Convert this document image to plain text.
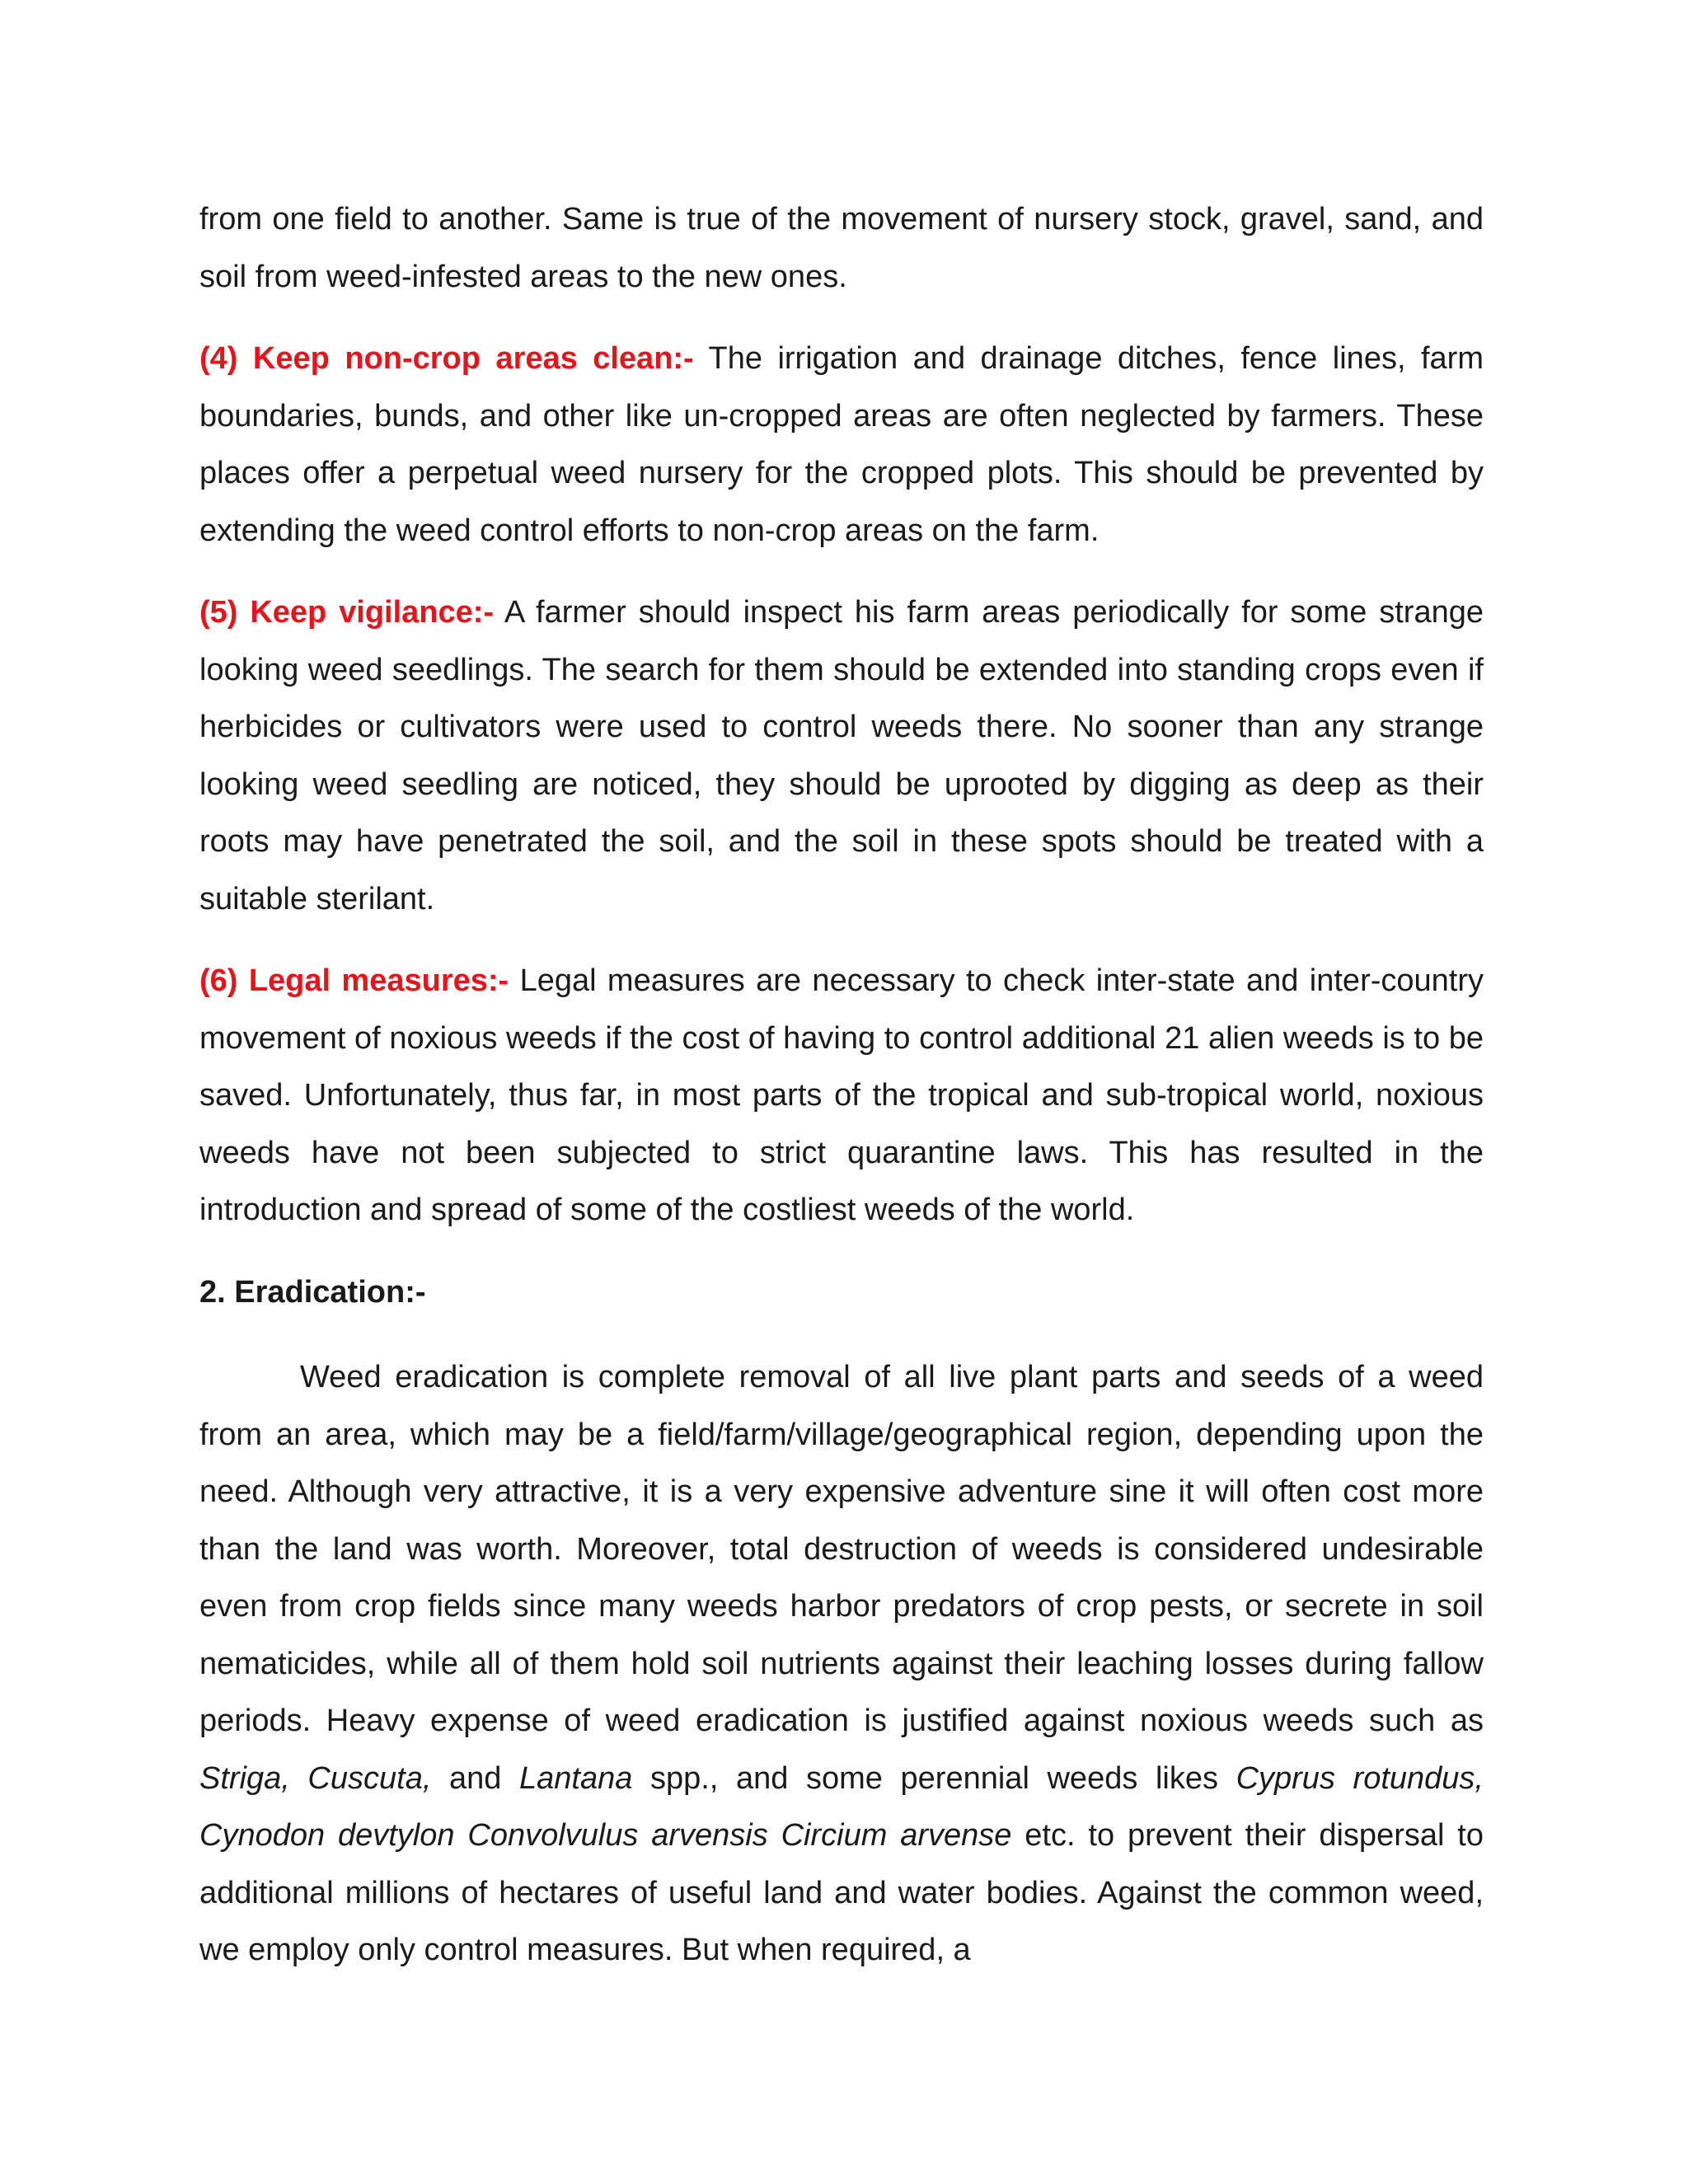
from one field to another. Same is true of the movement of nursery stock, gravel, sand, and soil from weed-infested areas to the new ones.

(4) Keep non-crop areas clean:- The irrigation and drainage ditches, fence lines, farm boundaries, bunds, and other like un-cropped areas are often neglected by farmers. These places offer a perpetual weed nursery for the cropped plots. This should be prevented by extending the weed control efforts to non-crop areas on the farm.

(5) Keep vigilance:- A farmer should inspect his farm areas periodically for some strange looking weed seedlings. The search for them should be extended into standing crops even if herbicides or cultivators were used to control weeds there. No sooner than any strange looking weed seedling are noticed, they should be uprooted by digging as deep as their roots may have penetrated the soil, and the soil in these spots should be treated with a suitable sterilant.

(6) Legal measures:- Legal measures are necessary to check inter-state and inter-country movement of noxious weeds if the cost of having to control additional 21 alien weeds is to be saved. Unfortunately, thus far, in most parts of the tropical and sub-tropical world, noxious weeds have not been subjected to strict quarantine laws. This has resulted in the introduction and spread of some of the costliest weeds of the world.

2. Eradication:-

Weed eradication is complete removal of all live plant parts and seeds of a weed from an area, which may be a field/farm/village/geographical region, depending upon the need. Although very attractive, it is a very expensive adventure sine it will often cost more than the land was worth. Moreover, total destruction of weeds is considered undesirable even from crop fields since many weeds harbor predators of crop pests, or secrete in soil nematicides, while all of them hold soil nutrients against their leaching losses during fallow periods. Heavy expense of weed eradication is justified against noxious weeds such as Striga, Cuscuta, and Lantana spp., and some perennial weeds likes Cyprus rotundus, Cynodon devtylon Convolvulus arvensis Circium arvense etc. to prevent their dispersal to additional millions of hectares of useful land and water bodies. Against the common weed, we employ only control measures. But when required, a
